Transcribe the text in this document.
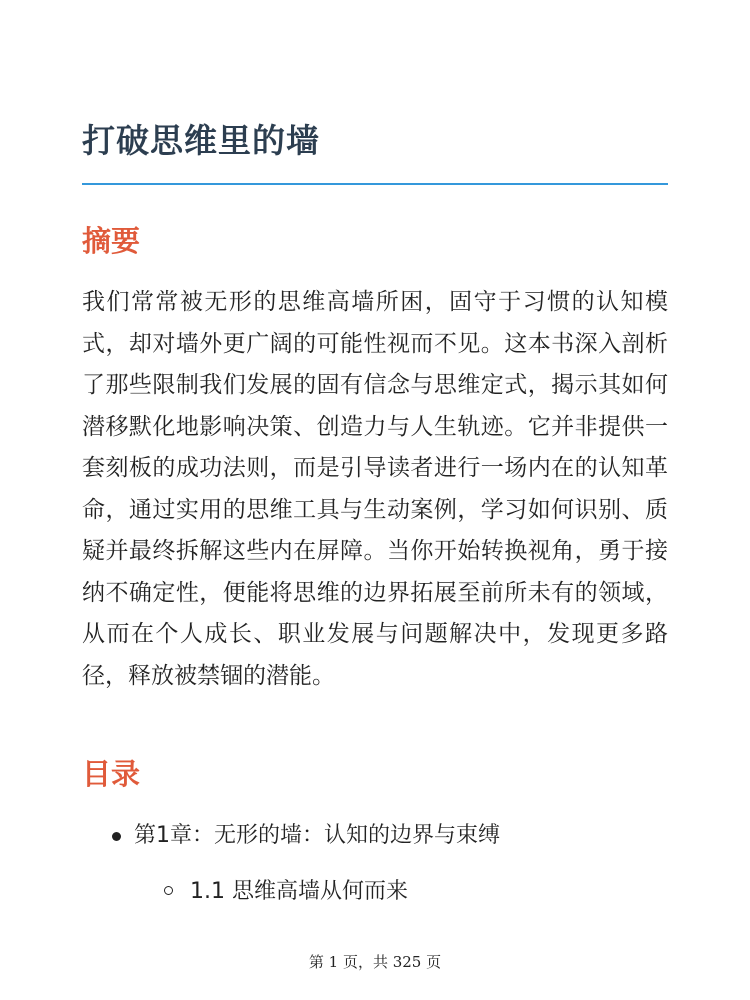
打破思维里的墙
摘要

我们常常被无形的思维高墙所困，固守于习惯的认知模式，却对墙外更广阔的可能性视而不见。这本书深入剖析了那些限制我们发展的固有信念与思维定式，揭示其如何潜移默化地影响决策、创造力与人生轨迹。它并非提供一套刻板的成功法则，而是引导读者进行一场内在的认知革命，通过实用的思维工具与生动案例，学习如何识别、质疑并最终拆解这些内在屏障。当你开始转换视角，勇于接纳不确定性，便能将思维的边界拓展至前所未有的领域，从而在个人成长、职业发展与问题解决中，发现更多路径，释放被禁锢的潜能。

目录
第1章：无形的墙：认知的边界与束缚
1.1 思维高墙从何而来
第 1 页，共 325 页
